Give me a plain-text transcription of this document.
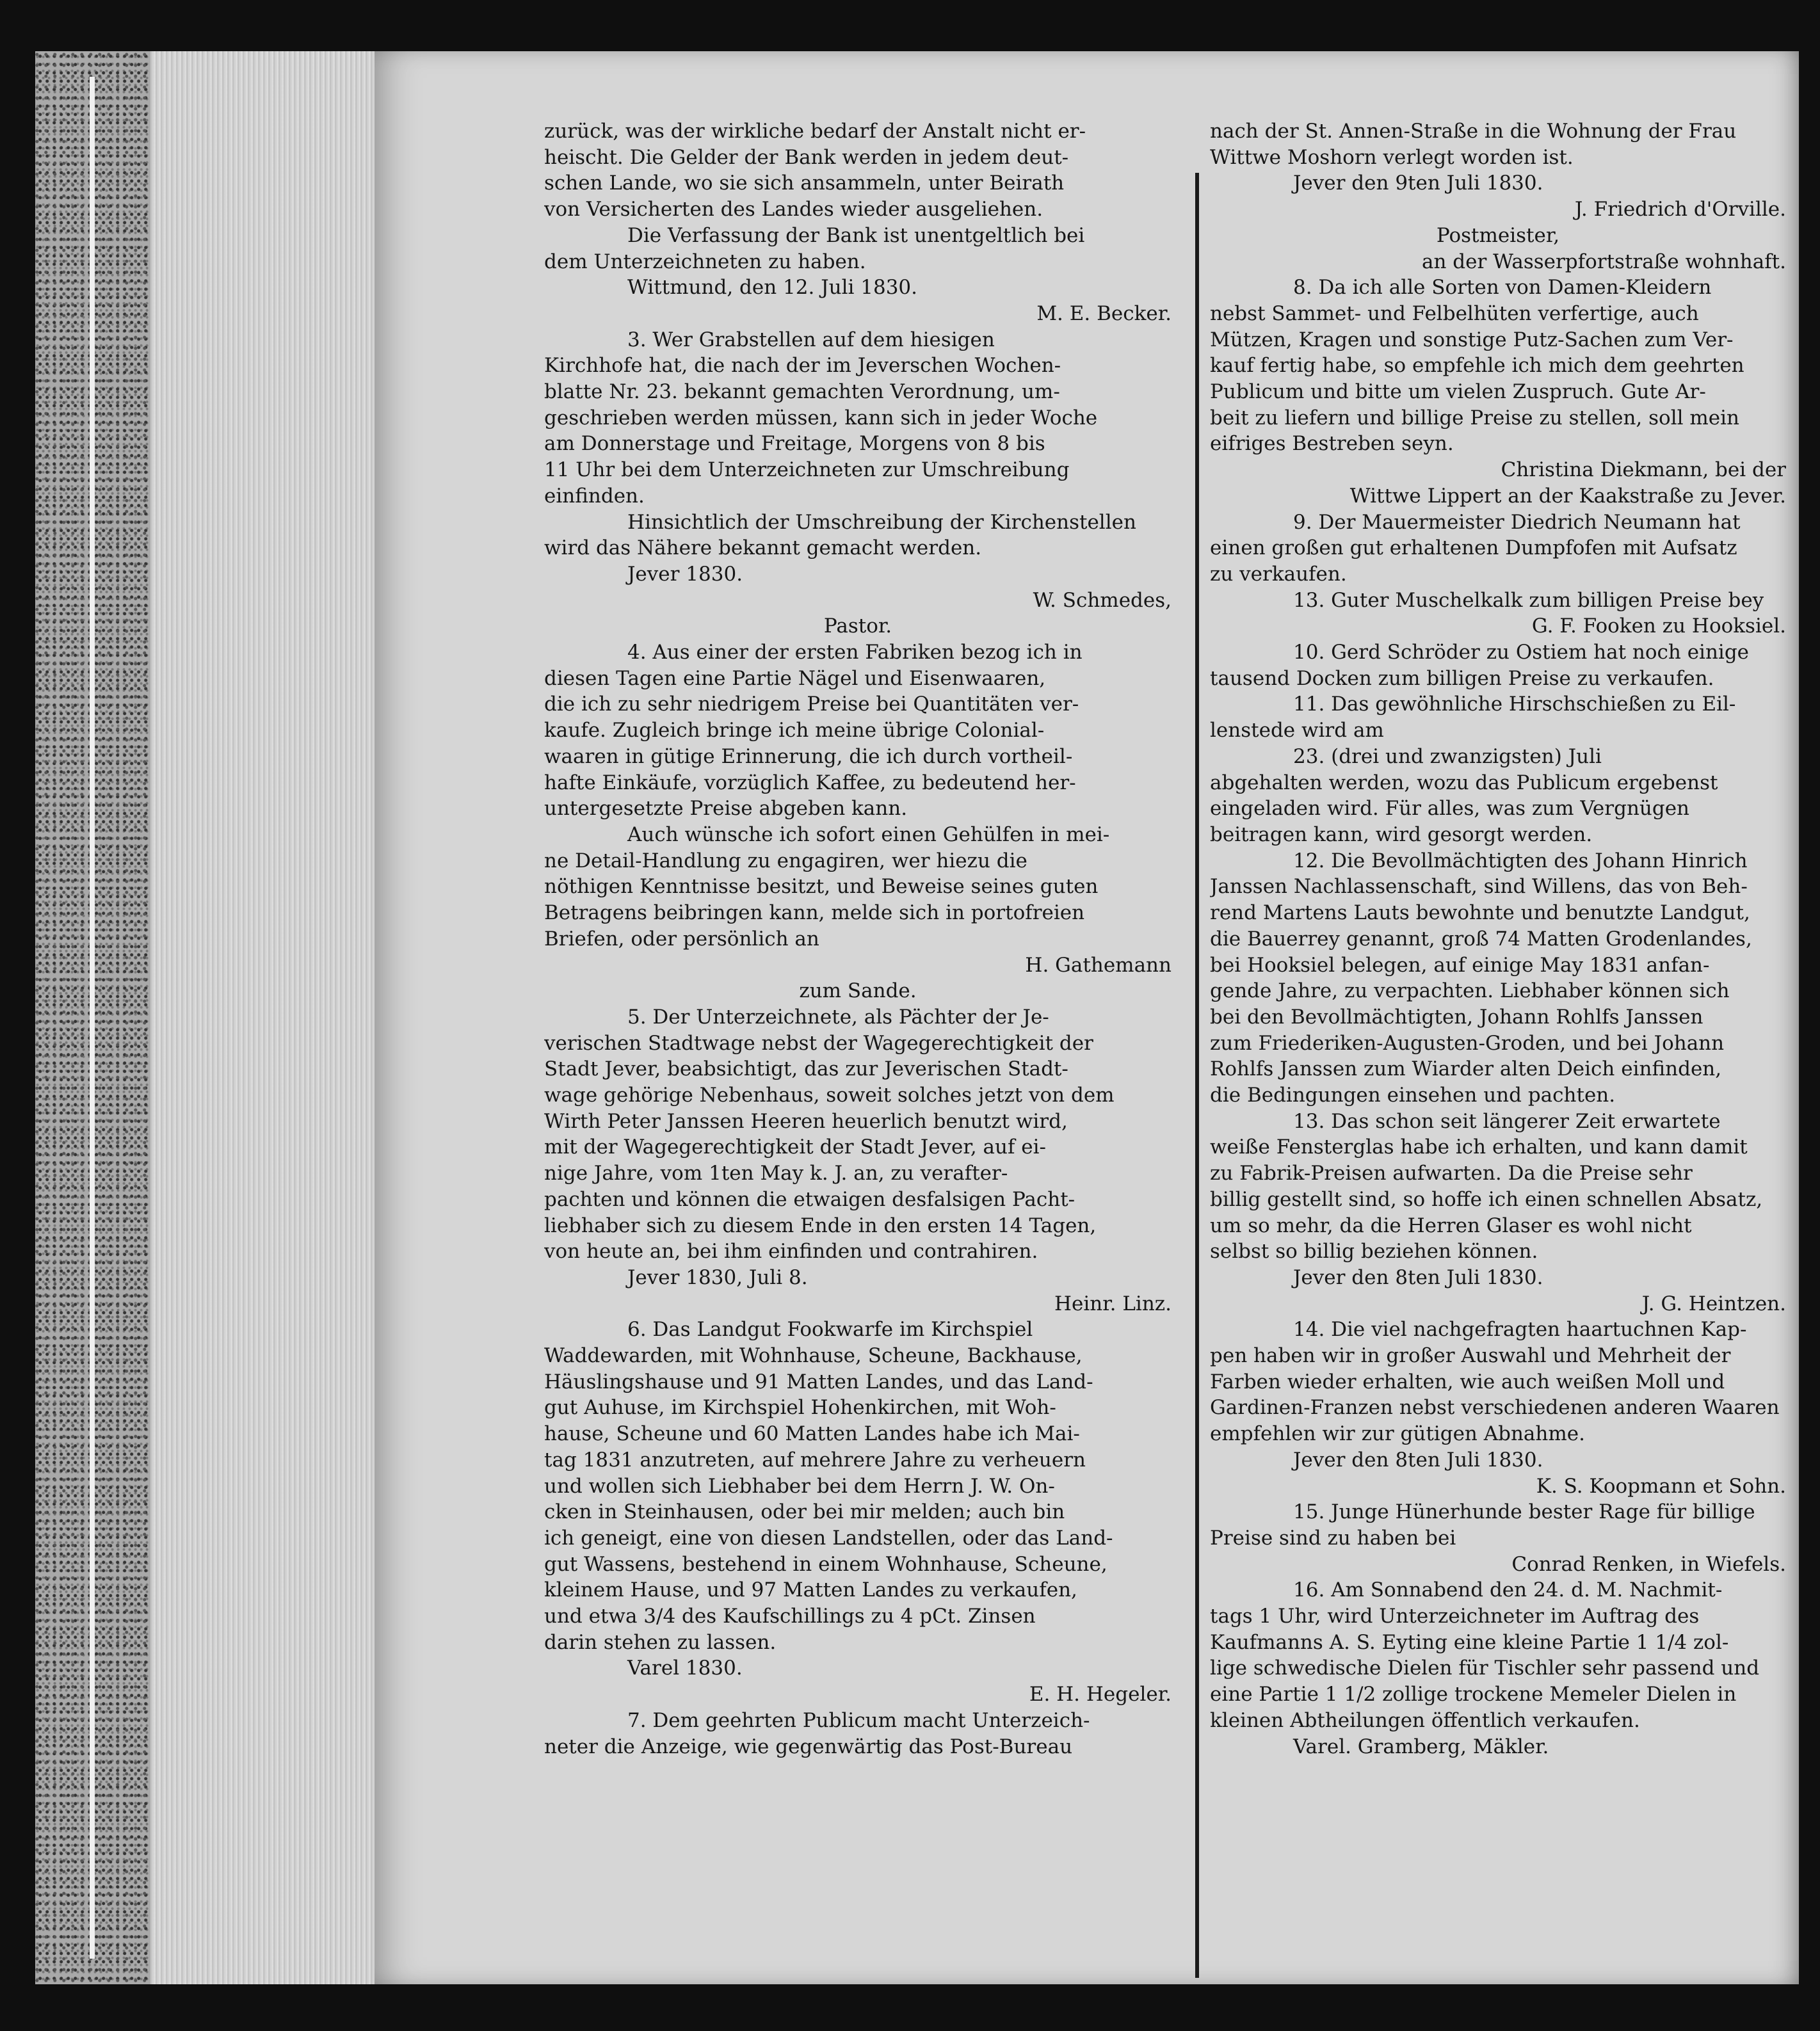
zurück, was der wirkliche bedarf der Anstalt nicht er-

heischt. Die Gelder der Bank werden in jedem deut-

schen Lande, wo sie sich ansammeln, unter Beirath

von Versicherten des Landes wieder ausgeliehen.

Die Verfassung der Bank ist unentgeltlich bei

dem Unterzeichneten zu haben.

Wittmund, den 12. Juli 1830.

M. E. Becker.

3. Wer Grabstellen auf dem hiesigen

Kirchhofe hat, die nach der im Jeverschen Wochen-

blatte Nr. 23. bekannt gemachten Verordnung, um-

geschrieben werden müssen, kann sich in jeder Woche

am Donnerstage und Freitage, Morgens von 8 bis

11 Uhr bei dem Unterzeichneten zur Umschreibung

einfinden.

Hinsichtlich der Umschreibung der Kirchenstellen

wird das Nähere bekannt gemacht werden.

Jever 1830.

W. Schmedes,

Pastor.

4. Aus einer der ersten Fabriken bezog ich in

diesen Tagen eine Partie Nägel und Eisenwaaren,

die ich zu sehr niedrigem Preise bei Quantitäten ver-

kaufe. Zugleich bringe ich meine übrige Colonial-

waaren in gütige Erinnerung, die ich durch vortheil-

hafte Einkäufe, vorzüglich Kaffee, zu bedeutend her-

untergesetzte Preise abgeben kann.

Auch wünsche ich sofort einen Gehülfen in mei-

ne Detail-Handlung zu engagiren, wer hiezu die

nöthigen Kenntnisse besitzt, und Beweise seines guten

Betragens beibringen kann, melde sich in portofreien

Briefen, oder persönlich an

H. Gathemann

zum Sande.

5. Der Unterzeichnete, als Pächter der Je-

verischen Stadtwage nebst der Wagegerechtigkeit der

Stadt Jever, beabsichtigt, das zur Jeverischen Stadt-

wage gehörige Nebenhaus, soweit solches jetzt von dem

Wirth Peter Janssen Heeren heuerlich benutzt wird,

mit der Wagegerechtigkeit der Stadt Jever, auf ei-

nige Jahre, vom 1ten May k. J. an, zu verafter-

pachten und können die etwaigen desfalsigen Pacht-

liebhaber sich zu diesem Ende in den ersten 14 Tagen,

von heute an, bei ihm einfinden und contrahiren.

Jever 1830, Juli 8.

Heinr. Linz.

6. Das Landgut Fookwarfe im Kirchspiel

Waddewarden, mit Wohnhause, Scheune, Backhause,

Häuslingshause und 91 Matten Landes, und das Land-

gut Auhuse, im Kirchspiel Hohenkirchen, mit Woh-

hause, Scheune und 60 Matten Landes habe ich Mai-

tag 1831 anzutreten, auf mehrere Jahre zu verheuern

und wollen sich Liebhaber bei dem Herrn J. W. On-

cken in Steinhausen, oder bei mir melden; auch bin

ich geneigt, eine von diesen Landstellen, oder das Land-

gut Wassens, bestehend in einem Wohnhause, Scheune,

kleinem Hause, und 97 Matten Landes zu verkaufen,

und etwa 3/4 des Kaufschillings zu 4 pCt. Zinsen

darin stehen zu lassen.

Varel 1830.

E. H. Hegeler.

7. Dem geehrten Publicum macht Unterzeich-

neter die Anzeige, wie gegenwärtig das Post-Bureau

nach der St. Annen-Straße in die Wohnung der Frau

Wittwe Moshorn verlegt worden ist.

Jever den 9ten Juli 1830.

J. Friedrich d'Orville.

Postmeister,

an der Wasserpfortstraße wohnhaft.

8. Da ich alle Sorten von Damen-Kleidern

nebst Sammet- und Felbelhüten verfertige, auch

Mützen, Kragen und sonstige Putz-Sachen zum Ver-

kauf fertig habe, so empfehle ich mich dem geehrten

Publicum und bitte um vielen Zuspruch. Gute Ar-

beit zu liefern und billige Preise zu stellen, soll mein

eifriges Bestreben seyn.

Christina Diekmann, bei der

Wittwe Lippert an der Kaakstraße zu Jever.

9. Der Mauermeister Diedrich Neumann hat

einen großen gut erhaltenen Dumpfofen mit Aufsatz

zu verkaufen.

13. Guter Muschelkalk zum billigen Preise bey

G. F. Fooken zu Hooksiel.

10. Gerd Schröder zu Ostiem hat noch einige

tausend Docken zum billigen Preise zu verkaufen.

11. Das gewöhnliche Hirschschießen zu Eil-

lenstede wird am

23. (drei und zwanzigsten) Juli

abgehalten werden, wozu das Publicum ergebenst

eingeladen wird. Für alles, was zum Vergnügen

beitragen kann, wird gesorgt werden.

12. Die Bevollmächtigten des Johann Hinrich

Janssen Nachlassenschaft, sind Willens, das von Beh-

rend Martens Lauts bewohnte und benutzte Landgut,

die Bauerrey genannt, groß 74 Matten Grodenlandes,

bei Hooksiel belegen, auf einige May 1831 anfan-

gende Jahre, zu verpachten. Liebhaber können sich

bei den Bevollmächtigten, Johann Rohlfs Janssen

zum Friederiken-Augusten-Groden, und bei Johann

Rohlfs Janssen zum Wiarder alten Deich einfinden,

die Bedingungen einsehen und pachten.

13. Das schon seit längerer Zeit erwartete

weiße Fensterglas habe ich erhalten, und kann damit

zu Fabrik-Preisen aufwarten. Da die Preise sehr

billig gestellt sind, so hoffe ich einen schnellen Absatz,

um so mehr, da die Herren Glaser es wohl nicht

selbst so billig beziehen können.

Jever den 8ten Juli 1830.

J. G. Heintzen.

14. Die viel nachgefragten haartuchnen Kap-

pen haben wir in großer Auswahl und Mehrheit der

Farben wieder erhalten, wie auch weißen Moll und

Gardinen-Franzen nebst verschiedenen anderen Waaren

empfehlen wir zur gütigen Abnahme.

Jever den 8ten Juli 1830.

K. S. Koopmann et Sohn.

15. Junge Hünerhunde bester Rage für billige

Preise sind zu haben bei

Conrad Renken, in Wiefels.

16. Am Sonnabend den 24. d. M. Nachmit-

tags 1 Uhr, wird Unterzeichneter im Auftrag des

Kaufmanns A. S. Eyting eine kleine Partie 1 1/4 zol-

lige schwedische Dielen für Tischler sehr passend und

eine Partie 1 1/2 zollige trockene Memeler Dielen in

kleinen Abtheilungen öffentlich verkaufen.

Varel. Gramberg, Mäkler.
